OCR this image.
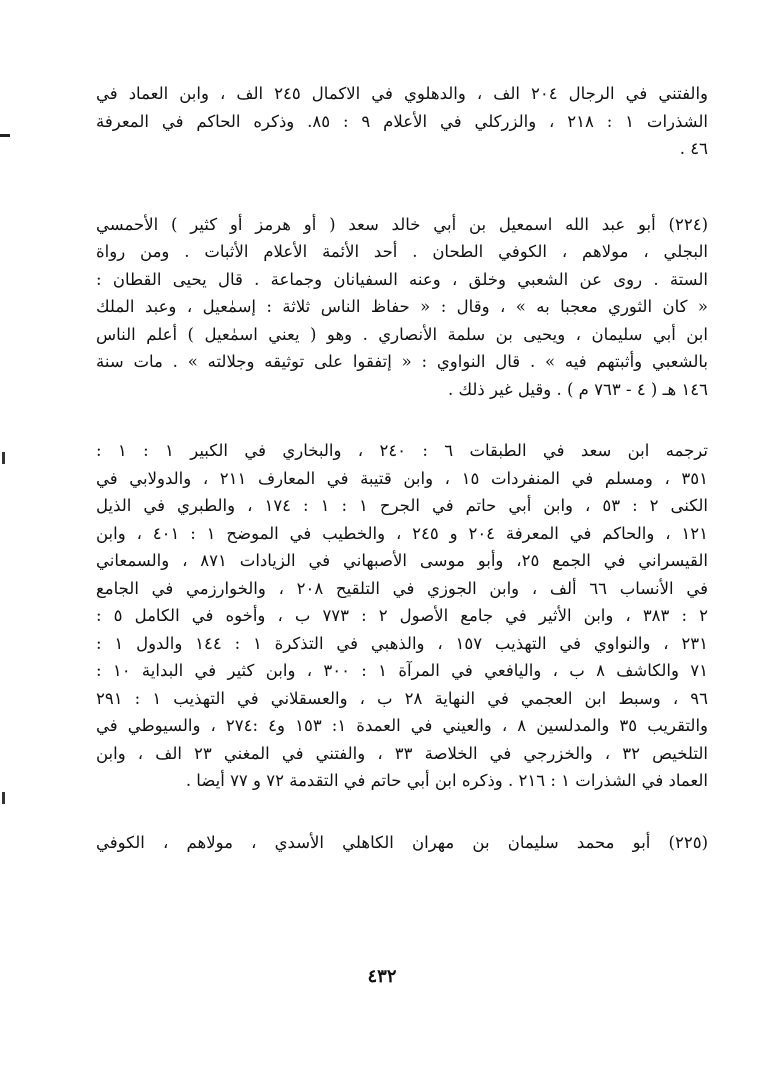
والفتني في الرجال ٢٠٤ الف ، والدهلوي في الاكمال ٢٤٥ الف ، وابن العماد في
الشذرات ١ : ٢١٨ ، والزركلي في الأعلام ٩ : ٨٥. وذكره الحاكم في المعرفة
٤٦ .
(٢٢٤) أبو عبد الله اسمعيل بن أبي خالد سعد ( أو هرمز أو كثير ) الأحمسي
البجلي ، مولاهم ، الكوفي الطحان . أحد الأئمة الأعلام الأثبات . ومن رواة
الستة . روى عن الشعبي وخلق ، وعنه السفيانان وجماعة . قال يحيى القطان :
« كان الثوري معجبا به » ، وقال : « حفاظ الناس ثلاثة : إسمٰعيل ، وعبد الملك
ابن أبي سليمان ، ويحيى بن سلمة الأنصاري . وهو ( يعني اسمٰعيل ) أعلم الناس
بالشعبي وأثبتهم فيه » . قال النواوي : « إتفقوا على توثيقه وجلالته » . مات سنة
١٤٦ هـ ( ٤ - ٧٦٣ م ) . وقيل غير ذلك .
ترجمه ابن سعد في الطبقات ٦ : ٢٤٠ ، والبخاري في الكبير ١ : ١ :
٣٥١ ، ومسلم في المنفردات ١٥ ، وابن قتيبة في المعارف ٢١١ ، والدولابي في
الكنى ٢ : ٥٣ ، وابن أبي حاتم في الجرح ١ : ١ : ١٧٤ ، والطبري في الذيل
١٢١ ، والحاكم في المعرفة ٢٠٤ و ٢٤٥ ، والخطيب في الموضح ١ : ٤٠١ ، وابن
القيسراني في الجمع ٢٥، وأبو موسى الأصبهاني في الزيادات ٨٧١ ، والسمعاني
في الأنساب ٦٦ ألف ، وابن الجوزي في التلقيح ٢٠٨ ، والخوارزمي في الجامع
٢ : ٣٨٣ ، وابن الأثير في جامع الأصول ٢ : ٧٧٣ ب ، وأخوه في الكامل ٥ :
٢٣١ ، والنواوي في التهذيب ١٥٧ ، والذهبي في التذكرة ١ : ١٤٤ والدول ١ :
٧١ والكاشف ٨ ب ، واليافعي في المرآة ١ : ٣٠٠ ، وابن كثير في البداية ١٠ :
٩٦ ، وسبط ابن العجمي في النهاية ٢٨ ب ، والعسقلاني في التهذيب ١ : ٢٩١
والتقريب ٣٥ والمدلسين ٨ ، والعيني في العمدة ١: ١٥٣ و٤ :٢٧٤ ، والسيوطي في
التلخيص ٣٢ ، والخزرجي في الخلاصة ٣٣ ، والفتني في المغني ٢٣ الف ، وابن
العماد في الشذرات ١ : ٢١٦ . وذكره ابن أبي حاتم في التقدمة ٧٢ و ٧٧ أيضا .
(٢٢٥) أبو محمد سليمان بن مهران الكاهلي الأسدي ، مولاهم ، الكوفي
٤٣٢
